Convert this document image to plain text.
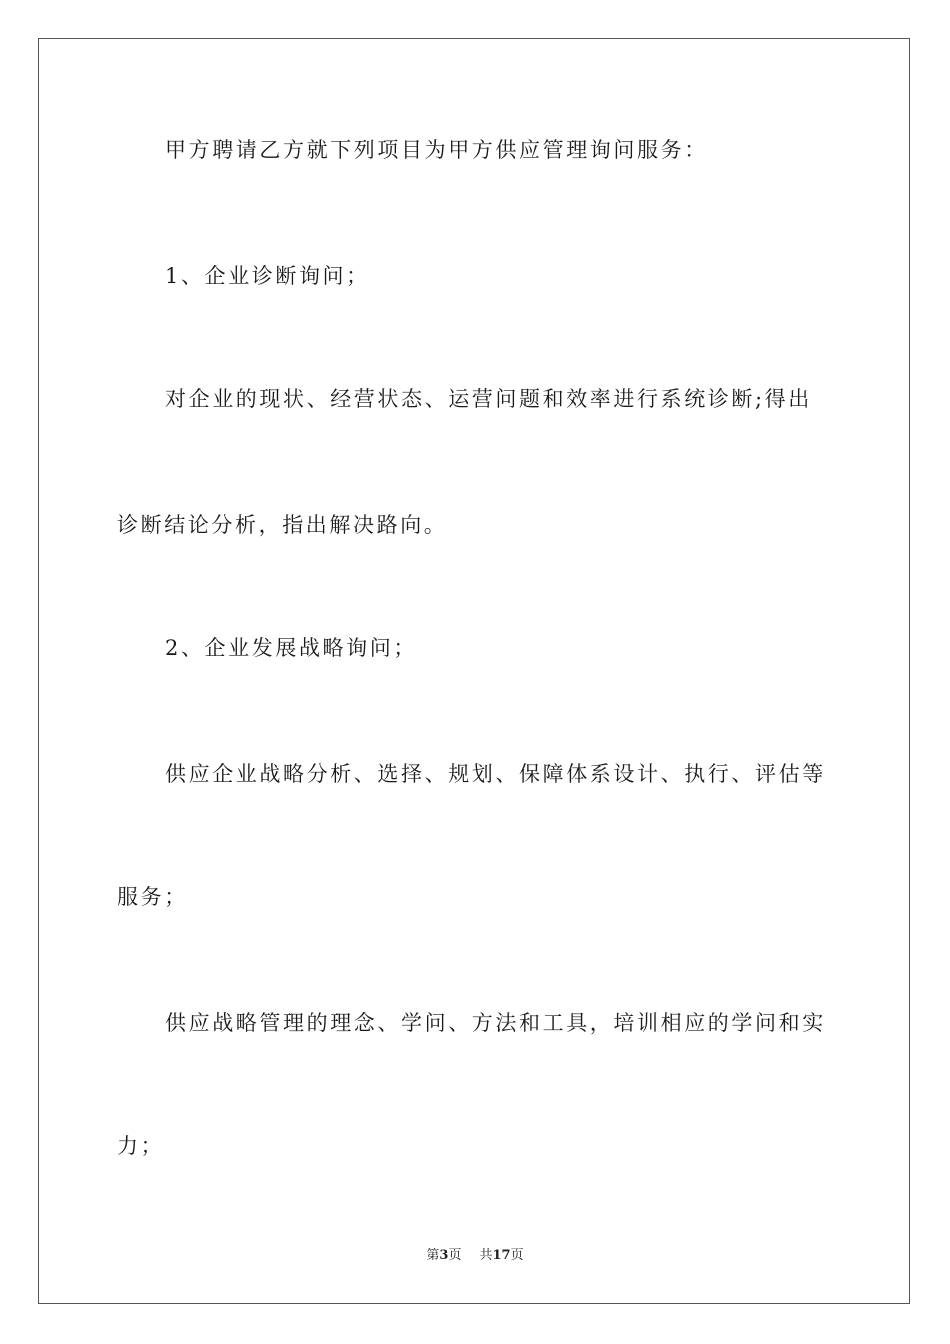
甲方聘请乙方就下列项目为甲方供应管理询问服务：
1、企业诊断询问；
对企业的现状、经营状态、运营问题和效率进行系统诊断;得出
诊断结论分析，指出解决路向。
2、企业发展战略询问；
供应企业战略分析、选择、规划、保障体系设计、执行、评估等
服务；
供应战略管理的理念、学问、方法和工具，培训相应的学问和实
力；
第3页 共17页
